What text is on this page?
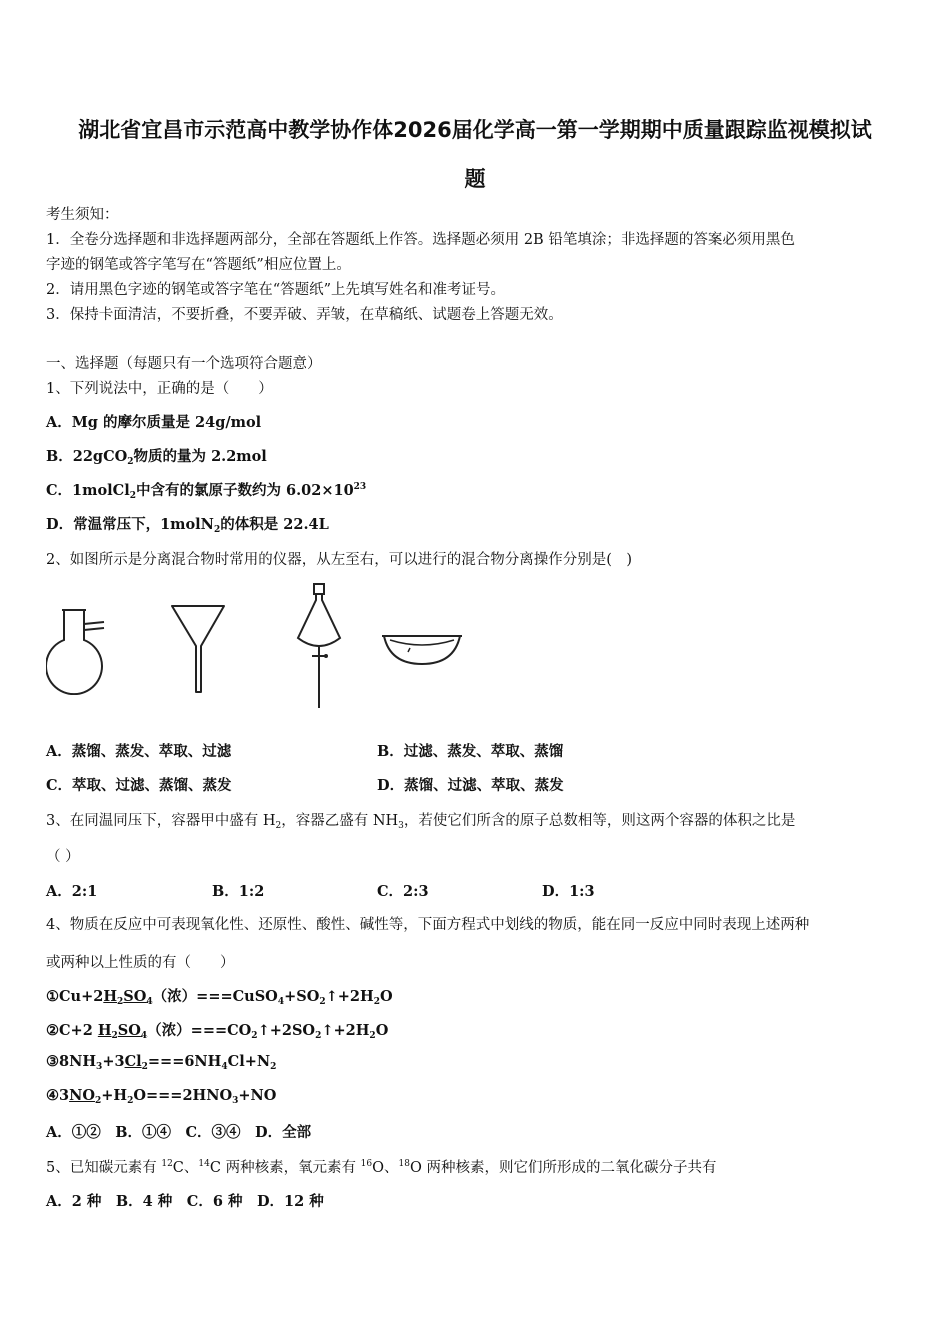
湖北省宜昌市示范高中教学协作体2026届化学高一第一学期期中质量跟踪监视模拟试
题
考生须知：
1．全卷分选择题和非选择题两部分，全部在答题纸上作答。选择题必须用 2B 铅笔填涂；非选择题的答案必须用黑色
字迹的钢笔或答字笔写在“答题纸”相应位置上。
2．请用黑色字迹的钢笔或答字笔在“答题纸”上先填写姓名和准考证号。
3．保持卡面清洁，不要折叠，不要弄破、弄皱，在草稿纸、试题卷上答题无效。
一、选择题（每题只有一个选项符合题意）
1、下列说法中，正确的是（　　）
A．Mg 的摩尔质量是 24g/mol
B．22gCO$_2$物质的量为 2.2mol
C．1molCl$_2$中含有的氯原子数约为 $6.02\times 10^{23}$
D．常温常压下，1molN$_2$的体积是 22.4L
2、如图所示是分离混合物时常用的仪器，从左至右，可以进行的混合物分离操作分别是(　)
A．蒸馏、蒸发、萃取、过滤	B．过滤、蒸发、萃取、蒸馏
C．萃取、过滤、蒸馏、蒸发	D．蒸馏、过滤、萃取、蒸发
3、在同温同压下，容器甲中盛有 $H_2$，容器乙盛有 $NH_3$，若使它们所含的原子总数相等，则这两个容器的体积之比是
（ ）
A．2:1	B．1:2	C．2:3	D．1:3
4、物质在反应中可表现氧化性、还原性、酸性、碱性等，下面方程式中划线的物质，能在同一反应中同时表现上述两种
或两种以上性质的有（　　）
$①Cu+2H_2SO_4$（浓）$===CuSO_4+SO_2↑+2H_2O$
②C+2 $H_2SO_4$（浓）$===CO_2↑+2SO_2↑+2H_2O$
$③8NH_3+3Cl_2===6NH_4Cl+N_2$
$④3NO_2+H_2O===2HNO_3+NO$
A．①②　B．①④　C．③④　D．全部
5、已知碳元素有 $^{12}$C、$^{14}$C 两种核素，氧元素有 $^{16}$O、$^{18}$O 两种核素，则它们所形成的二氧化碳分子共有
A．2 种　B．4 种　C．6 种　D．12 种
